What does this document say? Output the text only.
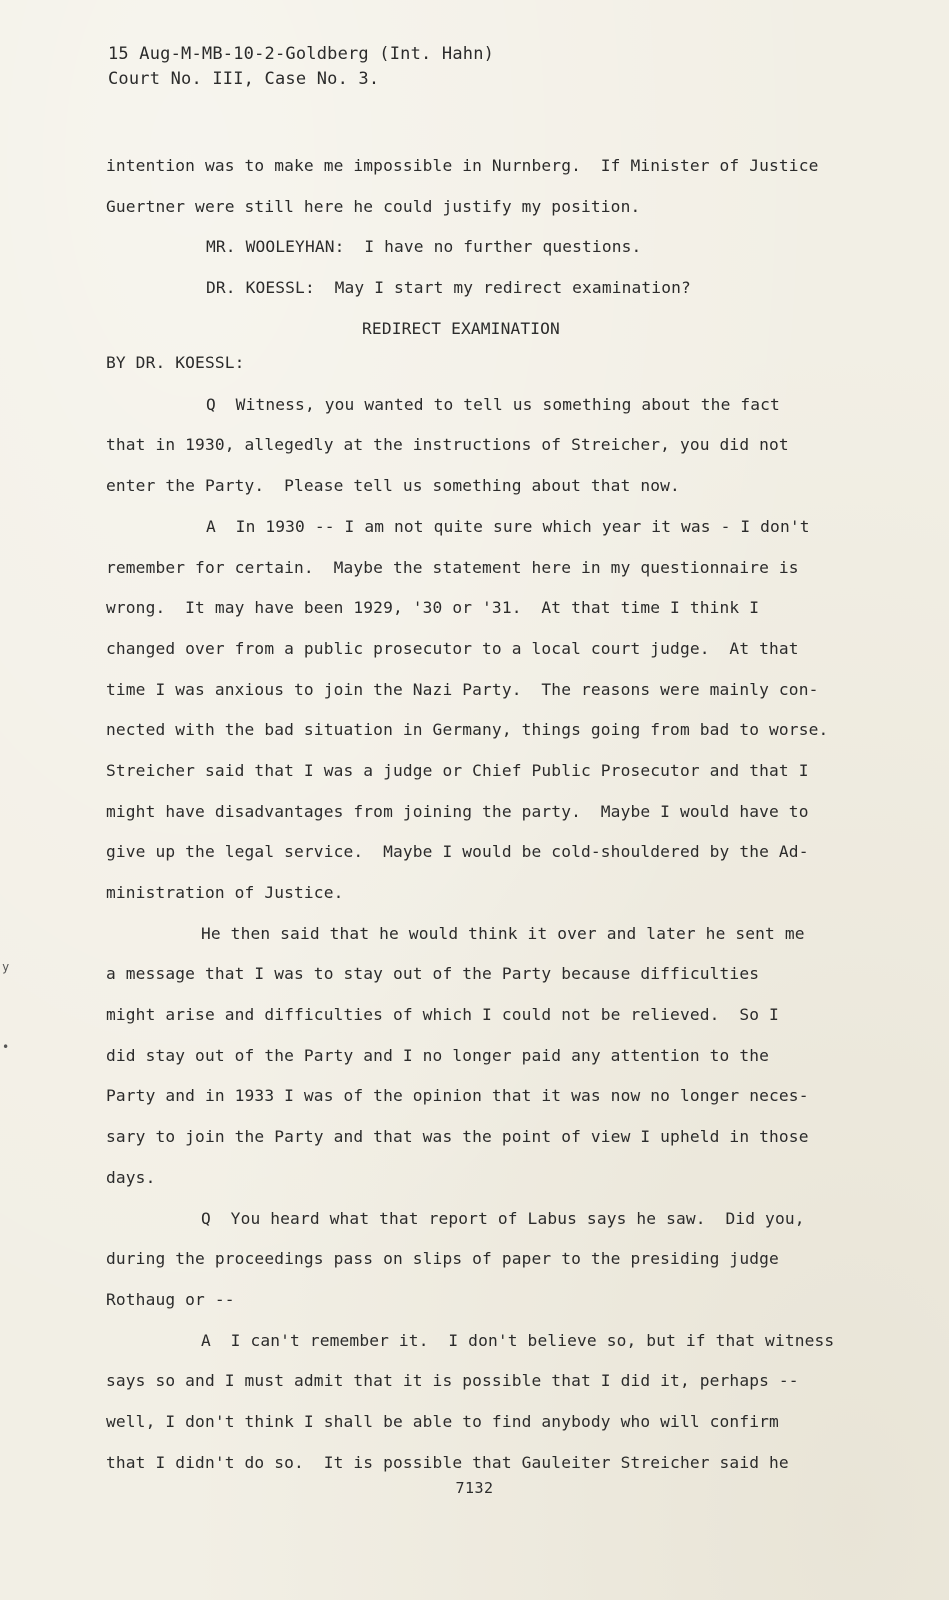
15 Aug-M-MB-10-2-Goldberg (Int. Hahn)
Court No. III, Case No. 3.
intention was to make me impossible in Nurnberg.  If Minister of Justice
Guertner were still here he could justify my position.
MR. WOOLEYHAN:  I have no further questions.
DR. KOESSL:  May I start my redirect examination?
REDIRECT EXAMINATION
BY DR. KOESSL:
Q  Witness, you wanted to tell us something about the fact
that in 1930, allegedly at the instructions of Streicher, you did not
enter the Party.  Please tell us something about that now.
A  In 1930 -- I am not quite sure which year it was - I don't
remember for certain.  Maybe the statement here in my questionnaire is
wrong.  It may have been 1929, '30 or '31.  At that time I think I
changed over from a public prosecutor to a local court judge.  At that
time I was anxious to join the Nazi Party.  The reasons were mainly con-
nected with the bad situation in Germany, things going from bad to worse.
Streicher said that I was a judge or Chief Public Prosecutor and that I
might have disadvantages from joining the party.  Maybe I would have to
give up the legal service.  Maybe I would be cold-shouldered by the Ad-
ministration of Justice.
He then said that he would think it over and later he sent me
a message that I was to stay out of the Party because difficulties
might arise and difficulties of which I could not be relieved.  So I
did stay out of the Party and I no longer paid any attention to the
Party and in 1933 I was of the opinion that it was now no longer neces-
sary to join the Party and that was the point of view I upheld in those
days.
Q  You heard what that report of Labus says he saw.  Did you,
during the proceedings pass on slips of paper to the presiding judge
Rothaug or --
A  I can't remember it.  I don't believe so, but if that witness
says so and I must admit that it is possible that I did it, perhaps --
well, I don't think I shall be able to find anybody who will confirm
that I didn't do so.  It is possible that Gauleiter Streicher said he
7132
y
•
